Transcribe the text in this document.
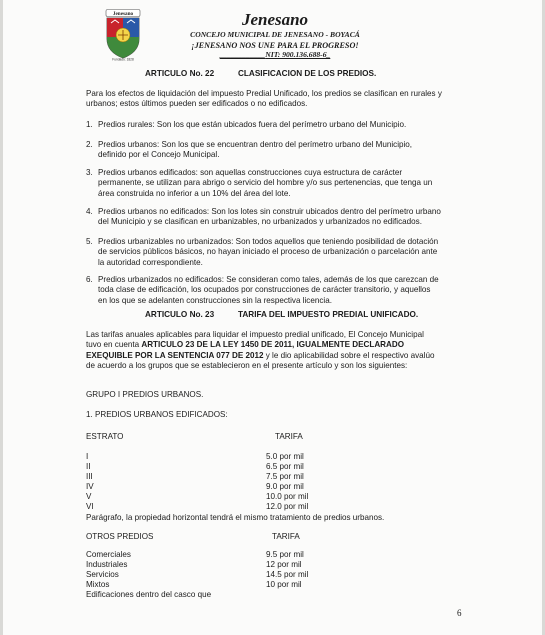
Jenesano
Fundado: 1828
Jenesano
CONCEJO MUNICIPAL DE JENESANO - BOYACÁ
¡JENESANO NOS UNE PARA EL PROGRESO!
____________NIT: 900.136.688-6_
ARTICULO No. 22	CLASIFICACION DE LOS PREDIOS.
Para los efectos de liquidación del impuesto Predial Unificado, los predios se clasifican en rurales y
urbanos; estos últimos pueden ser edificados o no edificados.
1. Predios rurales: Son los que están ubicados fuera del perímetro urbano del Municipio.
2. Predios urbanos: Son los que se encuentran dentro del perímetro urbano del Municipio,
definido por el Concejo Municipal.
3. Predios urbanos edificados: son aquellas construcciones cuya estructura de carácter
permanente, se utilizan para abrigo o servicio del hombre y/o sus pertenencias, que tenga un
área construida no inferior a un 10% del área del lote.
4. Predios urbanos no edificados: Son los lotes sin construir ubicados dentro del perímetro urbano
del Municipio y se clasifican en urbanizables, no urbanizados y urbanizados no edificados.
5. Predios urbanizables no urbanizados: Son todos aquellos que teniendo posibilidad de dotación
de servicios públicos básicos, no hayan iniciado el proceso de urbanización o parcelación ante
la autoridad correspondiente.
6. Predios urbanizados no edificados: Se consideran como tales, además de los que carezcan de
toda clase de edificación, los ocupados por construcciones de carácter transitorio, y aquellos
en los que se adelanten construcciones sin la respectiva licencia.
ARTICULO No. 23	TARIFA DEL IMPUESTO PREDIAL UNIFICADO.
Las tarifas anuales aplicables para liquidar el impuesto predial unificado, El Concejo Municipal
tuvo en cuenta ARTICULO 23 DE LA LEY 1450 DE 2011, IGUALMENTE DECLARADO
EXEQUIBLE POR LA SENTENCIA 077 DE 2012 y le dio aplicabilidad sobre el respectivo avalúo
de acuerdo a los grupos que se establecieron en el presente artículo y son los siguientes:
GRUPO I PREDIOS URBANOS.
1. PREDIOS URBANOS EDIFICADOS:
ESTRATO	TARIFA
I	5.0 por mil
II	6.5 por mil
III	7.5 por mil
IV	9.0 por mil
V	10.0 por mil
VI	12.0 por mil
Parágrafo, la propiedad horizontal tendrá el mismo tratamiento de predios urbanos.
OTROS PREDIOS	TARIFA
Comerciales	9.5 por mil
Industriales	12 por mil
Servicios	14.5 por mil
Mixtos	10 por mil
Edificaciones dentro del casco que
6
